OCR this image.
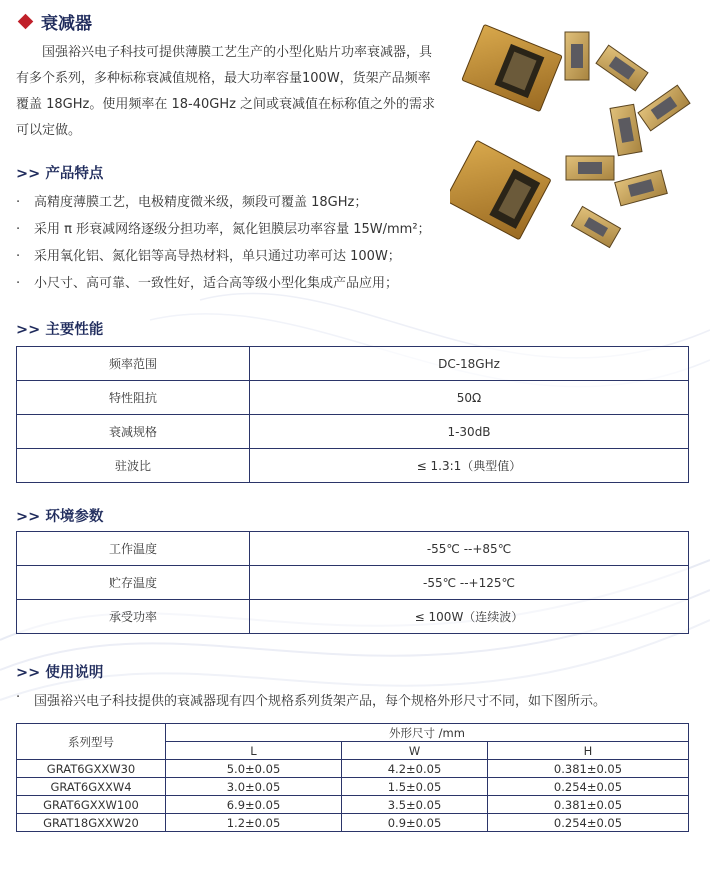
衰减器

国强裕兴电子科技可提供薄膜工艺生产的小型化贴片功率衰减器，具有多个系列，多种标称衰减值规格，最大功率容量100W，货架产品频率覆盖 18GHz。使用频率在 18-40GHz 之间或衰减值在标称值之外的需求可以定做。

>> 产品特点
·	高精度薄膜工艺，电极精度微米级，频段可覆盖 18GHz；
·	采用 π 形衰减网络逐级分担功率，氮化钽膜层功率容量 15W/mm²；
·	采用氧化铝、氮化铝等高导热材料，单只通过功率可达 100W；
·	小尺寸、高可靠、一致性好，适合高等级小型化集成产品应用；
>> 主要性能
频率范围	DC-18GHz
特性阻抗	50Ω
衰减规格	1-30dB
驻波比	≤ 1.3:1（典型值）
>> 环境参数
工作温度	-55℃ --+85℃
贮存温度	-55℃ --+125℃
承受功率	≤ 100W（连续波）
>> 使用说明
·	国强裕兴电子科技提供的衰减器现有四个规格系列货架产品，每个规格外形尺寸不同，如下图所示。
系列型号	外形尺寸 /mm		
	L	W	H
GRAT6GXXW30	5.0±0.05	4.2±0.05	0.381±0.05
GRAT6GXXW4	3.0±0.05	1.5±0.05	0.254±0.05
GRAT6GXXW100	6.9±0.05	3.5±0.05	0.381±0.05
GRAT18GXXW20	1.2±0.05	0.9±0.05	0.254±0.05
